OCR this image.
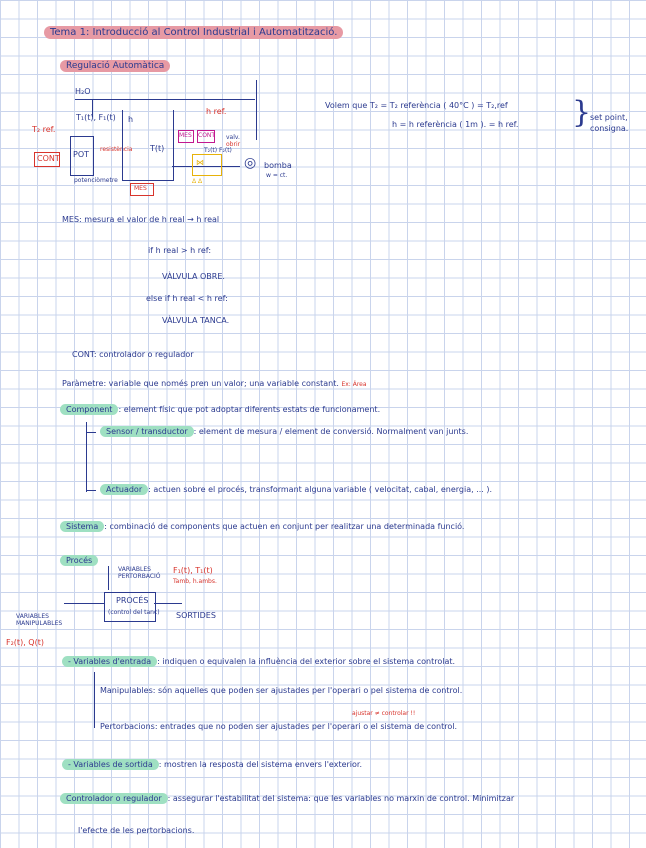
Tema 1: Introducció al Control Industrial i Automatització.
Regulació Automàtica
H₂O
T₁(t), F₁(t)
T₂ ref.
CONT POT
resistència
potenciòmetre
T(t)
h
MES
h ref.
MES CONT valv.
obrir
⋈
T₂(t) F₂(t)
Δ Δ
◎ bomba
w = ct.
Volem que T₂ = T₂ referència ( 40°C ) = T₂,ref
h = h referència ( 1m ). = h ref. }
set point, consigna.
MES: mesura el valor de h real → h real
if h real > h ref:
VÀLVULA OBRE.
else if h real < h ref:
VÀLVULA TANCA.
CONT: controlador o regulador
Paràmetre: variable que només pren un valor; una variable constant. Ex: Área
Component : element físic que pot adoptar diferents estats de funcionament.
Sensor / transductor : element de mesura / element de conversió. Normalment van junts.
Actuador : actuen sobre el procés, transformant alguna variable ( velocitat, cabal, energia, ... ).
Sistema : combinació de components que actuen en conjunt per realitzar una determinada funció.
Procés
VARIABLES PERTORBACIÓ
F₁(t), T₁(t)
Tamb, h.ambs.
PROCÉS
(control del tanc) SORTIDES
VARIABLES MANIPULABLES
F₂(t), Q(t)
- Variables d'entrada : indiquen o equivalen la influència del exterior sobre el sistema controlat.
Manipulables: són aquelles que poden ser ajustades per l'operari o pel sistema de control.
ajustar ≠ controlar !!
Pertorbacions: entrades que no poden ser ajustades per l'operari o el sistema de control.
- Variables de sortida : mostren la resposta del sistema envers l'exterior.
Controlador o regulador : assegurar l'estabilitat del sistema: que les variables no marxin de control. Minimitzar
l'efecte de les pertorbacions.
